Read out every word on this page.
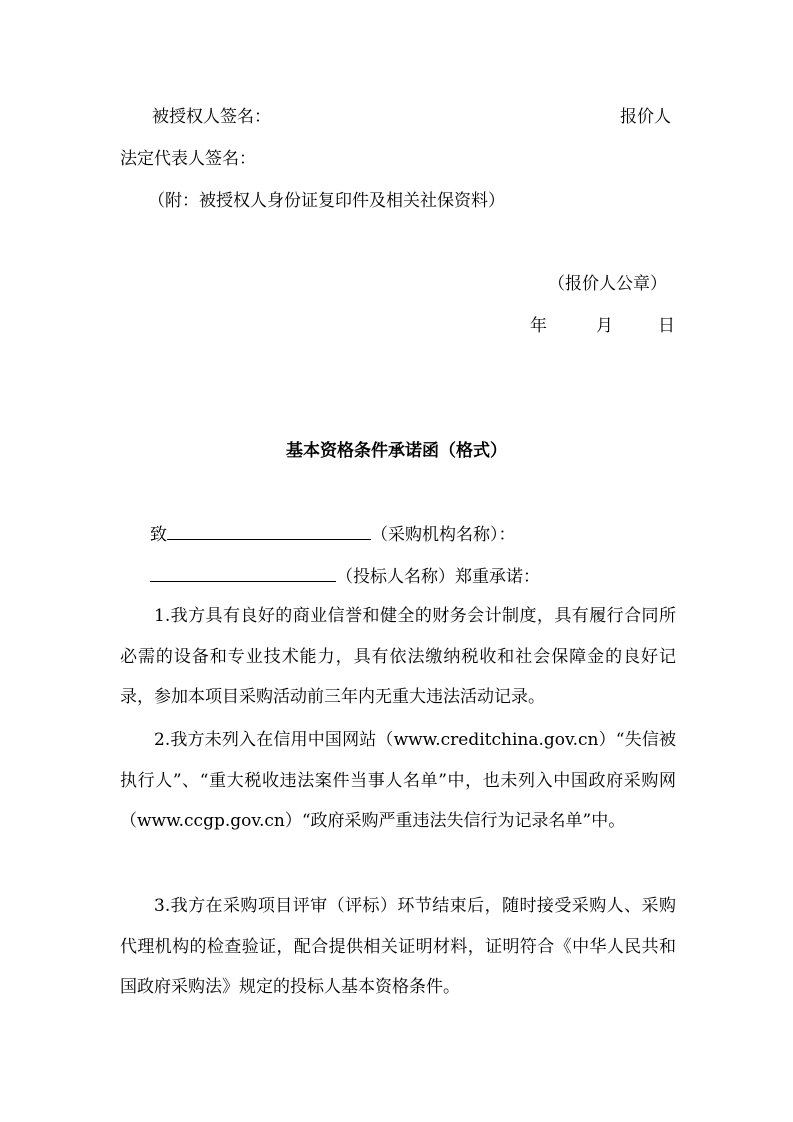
被授权人签名：	报价人
法定代表人签名：
（附：被授权人身份证复印件及相关社保资料）
（报价人公章）
年	月	日
基本资格条件承诺函（格式）
致	（采购机构名称）：
（投标人名称）郑重承诺：
1.我方具有良好的商业信誉和健全的财务会计制度，具有履行合同所必需的设备和专业技术能力，具有依法缴纳税收和社会保障金的良好记录，参加本项目采购活动前三年内无重大违法活动记录。
2.我方未列入在信用中国网站（www.creditchina.gov.cn）“失信被执行人”、“重大税收违法案件当事人名单”中，也未列入中国政府采购网（www.ccgp.gov.cn）“政府采购严重违法失信行为记录名单”中。
3.我方在采购项目评审（评标）环节结束后，随时接受采购人、采购代理机构的检查验证，配合提供相关证明材料，证明符合《中华人民共和国政府采购法》规定的投标人基本资格条件。
